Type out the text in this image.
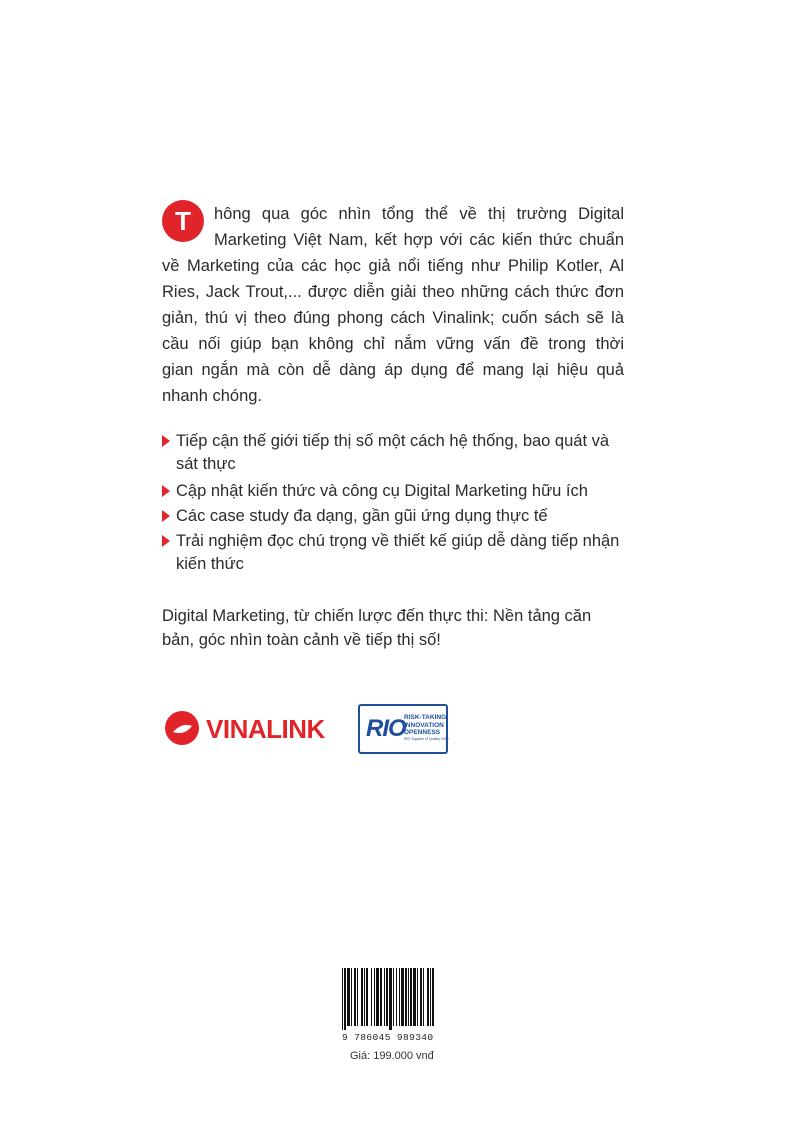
T	hông qua góc nhìn tổng thể về thị trường Digital
Marketing Việt Nam, kết hợp với các kiến thức chuẩn
về Marketing của các học giả nổi tiếng như Philip Kotler, Al
Ries, Jack Trout,... được diễn giải theo những cách thức đơn
giản, thú vị theo đúng phong cách Vinalink; cuốn sách sẽ là
cầu nối giúp bạn không chỉ nắm vững vấn đề trong thời
gian ngắn mà còn dễ dàng áp dụng để mang lại hiệu quả
nhanh chóng.
Tiếp cận thế giới tiếp thị số một cách hệ thống, bao quát và sát thực
Cập nhật kiến thức và công cụ Digital Marketing hữu ích
Các case study đa dạng, gần gũi ứng dụng thực tế
Trải nghiệm đọc chú trọng về thiết kế giúp dễ dàng tiếp nhận kiến thức
Digital Marketing, từ chiến lược đến thực thi: Nền tảng căn bản, góc nhìn toàn cảnh về tiếp thị số!
VINALINK RIO
RISK-TAKING
INNOVATION
OPENNESS
RIO Supplier of Quality 2015
9 786045 989340
Giá: 199.000 vnđ
